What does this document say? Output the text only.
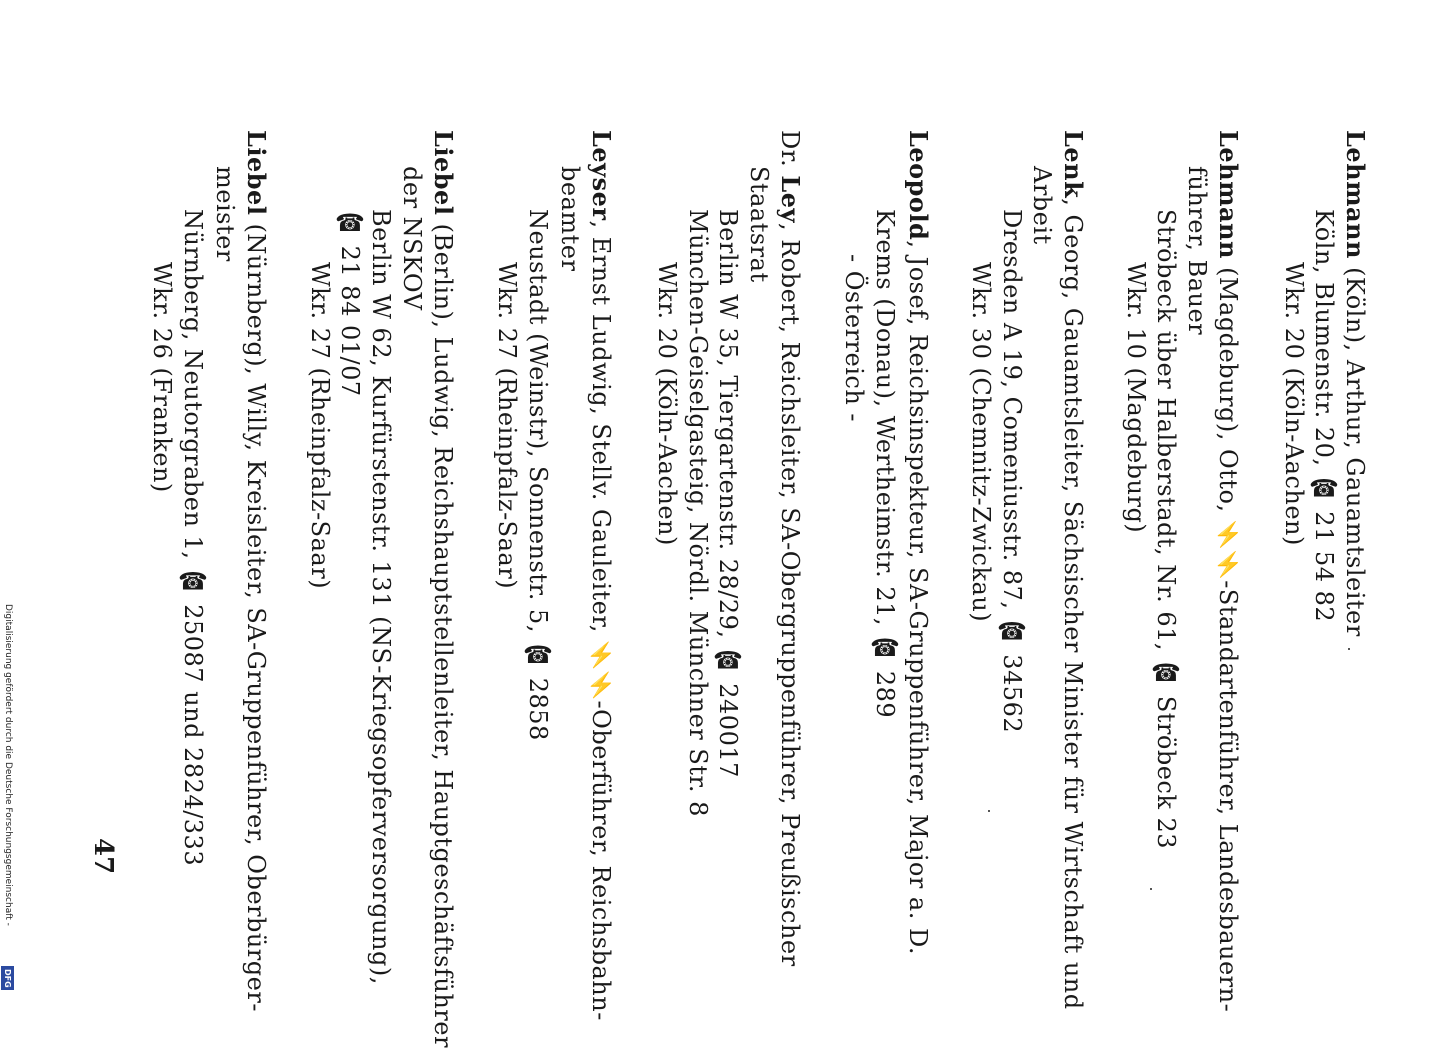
Lehmann (Köln), Arthur, Gauamtsleiter
Köln, Blumenstr. 20, ☎ 21 54 82
Wkr. 20 (Köln-Aachen)
Lehmann (Magdeburg), Otto, ⚡⚡-Standartenführer, Landesbauern-
führer, Bauer
Ströbeck über Halberstadt, Nr. 61, ☎ Ströbeck 23
Wkr. 10 (Magdeburg)
Lenk, Georg, Gauamtsleiter, Sächsischer Minister für Wirtschaft und
Arbeit
Dresden A 19, Comeniusstr. 87, ☎ 34562
Wkr. 30 (Chemnitz-Zwickau)
Leopold, Josef, Reichsinspekteur, SA-Gruppenführer, Major a. D.
Krems (Donau), Wertheimstr. 21, ☎ 289
- Österreich -
Dr. Ley, Robert, Reichsleiter, SA-Obergruppenführer, Preußischer
Staatsrat
Berlin W 35, Tiergartenstr. 28/29, ☎ 240017
München-Geiselgasteig, Nördl. Münchner Str. 8
Wkr. 20 (Köln-Aachen)
Leyser, Ernst Ludwig, Stellv. Gauleiter, ⚡⚡-Oberführer, Reichsbahn-
beamter
Neustadt (Weinstr), Sonnenstr. 5, ☎ 2858
Wkr. 27 (Rheinpfalz-Saar)
Liebel (Berlin), Ludwig, Reichshauptstellenleiter, Hauptgeschäftsführer
der NSKOV
Berlin W 62, Kurfürstenstr. 131 (NS-Kriegsopferversorgung),
☎ 21 84 01/07
Wkr. 27 (Rheinpfalz-Saar)
Liebel (Nürnberg), Willy, Kreisleiter, SA-Gruppenführer, Oberbürger-
meister
Nürnberg, Neutorgraben 1, ☎ 25087 und 2824/333
Wkr. 26 (Franken)
47
Digitalisierung gefördert durch die Deutsche Forschungsgemeinschaft -
DFG
